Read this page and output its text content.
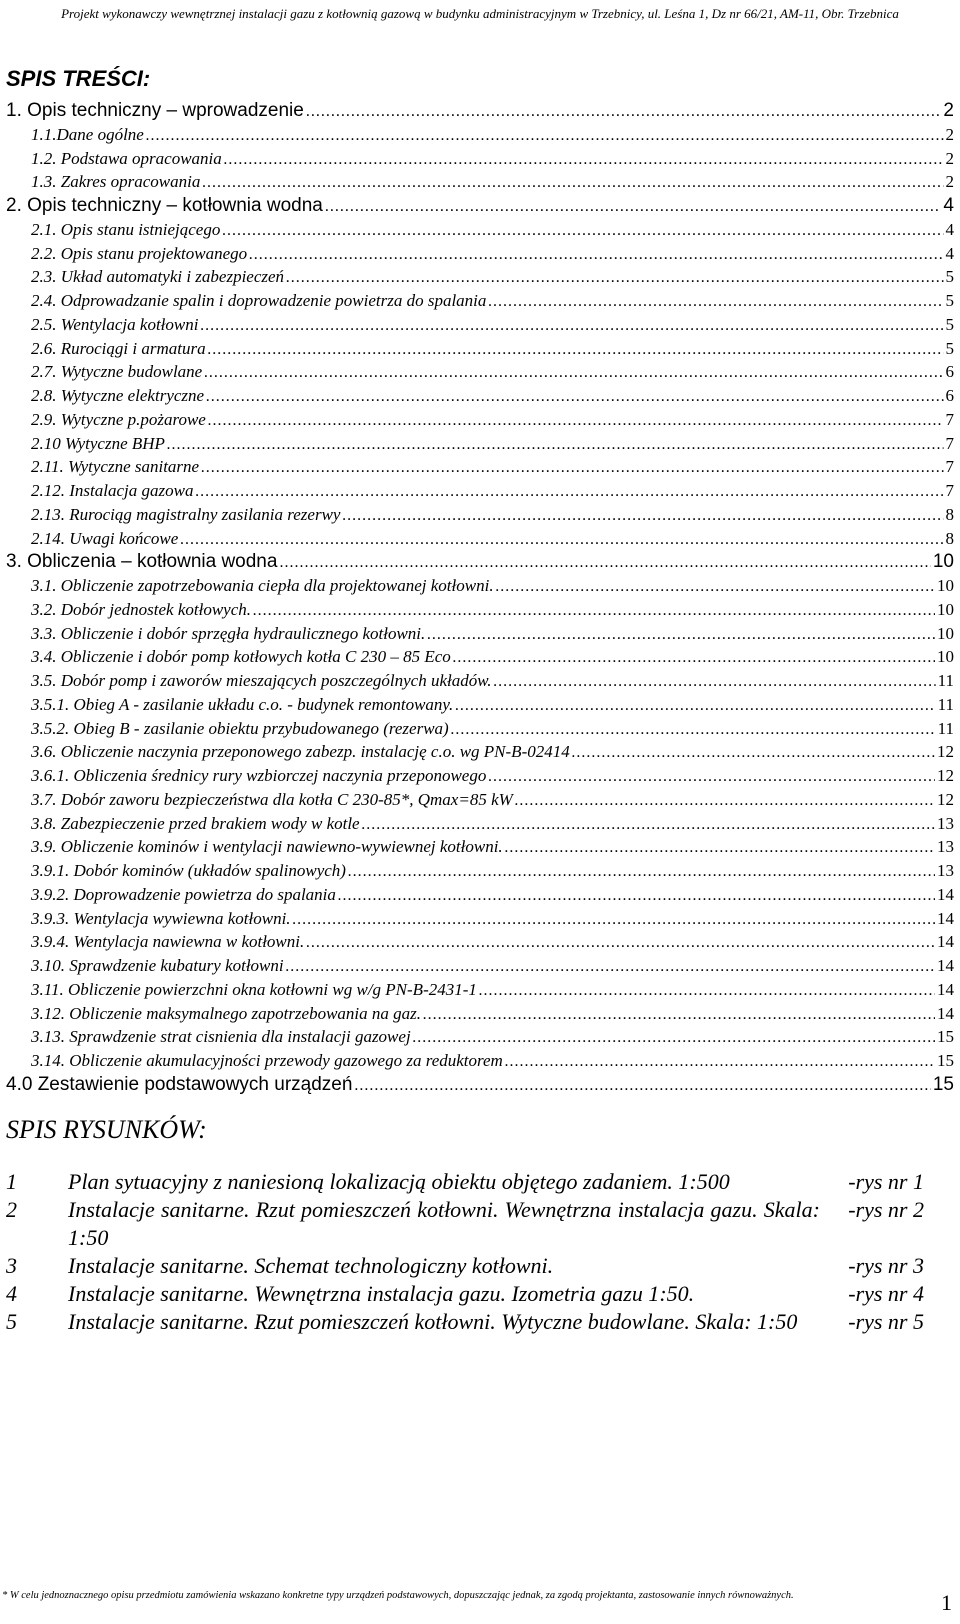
Projekt wykonawczy wewnętrznej instalacji gazu z kotłownią gazową w budynku administracyjnym w Trzebnicy, ul. Leśna 1, Dz nr 66/21, AM-11, Obr. Trzebnica
SPIS TREŚCI:
1. Opis techniczny – wprowadzenie .....	2
1.1.Dane ogólne .....	2
1.2. Podstawa opracowania .....	2
1.3. Zakres opracowania .....	2
2. Opis techniczny – kotłownia wodna .....	4
2.1. Opis stanu istniejącego .....	4
2.2. Opis stanu projektowanego .....	4
2.3. Układ automatyki i zabezpieczeń .....	5
2.4. Odprowadzanie spalin i doprowadzenie powietrza do spalania .....	5
2.5. Wentylacja kotłowni .....	5
2.6. Rurociągi i armatura .....	5
2.7. Wytyczne budowlane .....	6
2.8. Wytyczne elektryczne .....	6
2.9. Wytyczne p.pożarowe .....	7
2.10 Wytyczne BHP .....	7
2.11. Wytyczne sanitarne .....	7
2.12. Instalacja gazowa .....	7
2.13. Rurociąg magistralny zasilania rezerwy .....	8
2.14. Uwagi końcowe .....	8
3. Obliczenia – kotłownia wodna .....	10
3.1. Obliczenie zapotrzebowania ciepła dla projektowanej kotłowni. .....	10
3.2. Dobór jednostek kotłowych. .....	10
3.3. Obliczenie i dobór sprzęgła hydraulicznego kotłowni. .....	10
3.4. Obliczenie i dobór pomp kotłowych kotła C 230 – 85 Eco .....	10
3.5. Dobór pomp i zaworów mieszających poszczególnych układów. .....	11
3.5.1. Obieg A - zasilanie układu c.o. - budynek remontowany. .....	11
3.5.2. Obieg B - zasilanie obiektu przybudowanego (rezerwa) .....	11
3.6. Obliczenie naczynia przeponowego zabezp. instalację c.o. wg PN-B-02414 .....	12
3.6.1. Obliczenia średnicy rury wzbiorczej naczynia przeponowego .....	12
3.7. Dobór zaworu bezpieczeństwa dla kotła C 230-85*, Qmax=85 kW .....	12
3.8. Zabezpieczenie przed brakiem wody w kotle .....	13
3.9. Obliczenie kominów i wentylacji nawiewno-wywiewnej kotłowni. .....	13
3.9.1. Dobór kominów (układów spalinowych) .....	13
3.9.2. Doprowadzenie powietrza do spalania .....	14
3.9.3. Wentylacja wywiewna kotłowni. .....	14
3.9.4. Wentylacja nawiewna w kotłowni. .....	14
3.10. Sprawdzenie kubatury kotłowni .....	14
3.11. Obliczenie powierzchni okna kotłowni wg w/g PN-B-2431-1 .....	14
3.12. Obliczenie maksymalnego zapotrzebowania na gaz. .....	14
3.13. Sprawdzenie strat cisnienia dla instalacji gazowej .....	15
3.14. Obliczenie akumulacyjności przewody gazowego za reduktorem .....	15
4.0 Zestawienie podstawowych urządzeń .....	15
SPIS RYSUNKÓW:
1	Plan sytuacyjny z naniesioną lokalizacją obiektu objętego zadaniem. 1:500	-rys nr 1
2	Instalacje sanitarne. Rzut pomieszczeń kotłowni. Wewnętrzna instalacja gazu. Skala: 1:50
-rys nr 2
3	Instalacje sanitarne. Schemat technologiczny kotłowni.	-rys nr 3
4	Instalacje sanitarne. Wewnętrzna instalacja gazu. Izometria gazu 1:50.	-rys nr 4
5	Instalacje sanitarne. Rzut pomieszczeń kotłowni. Wytyczne budowlane. Skala: 1:50	-rys nr 5
* W celu jednoznacznego opisu przedmiotu zamówienia wskazano konkretne typy urządzeń podstawowych, dopuszczając jednak, za zgodą projektanta, zastosowanie innych równoważnych.	1
